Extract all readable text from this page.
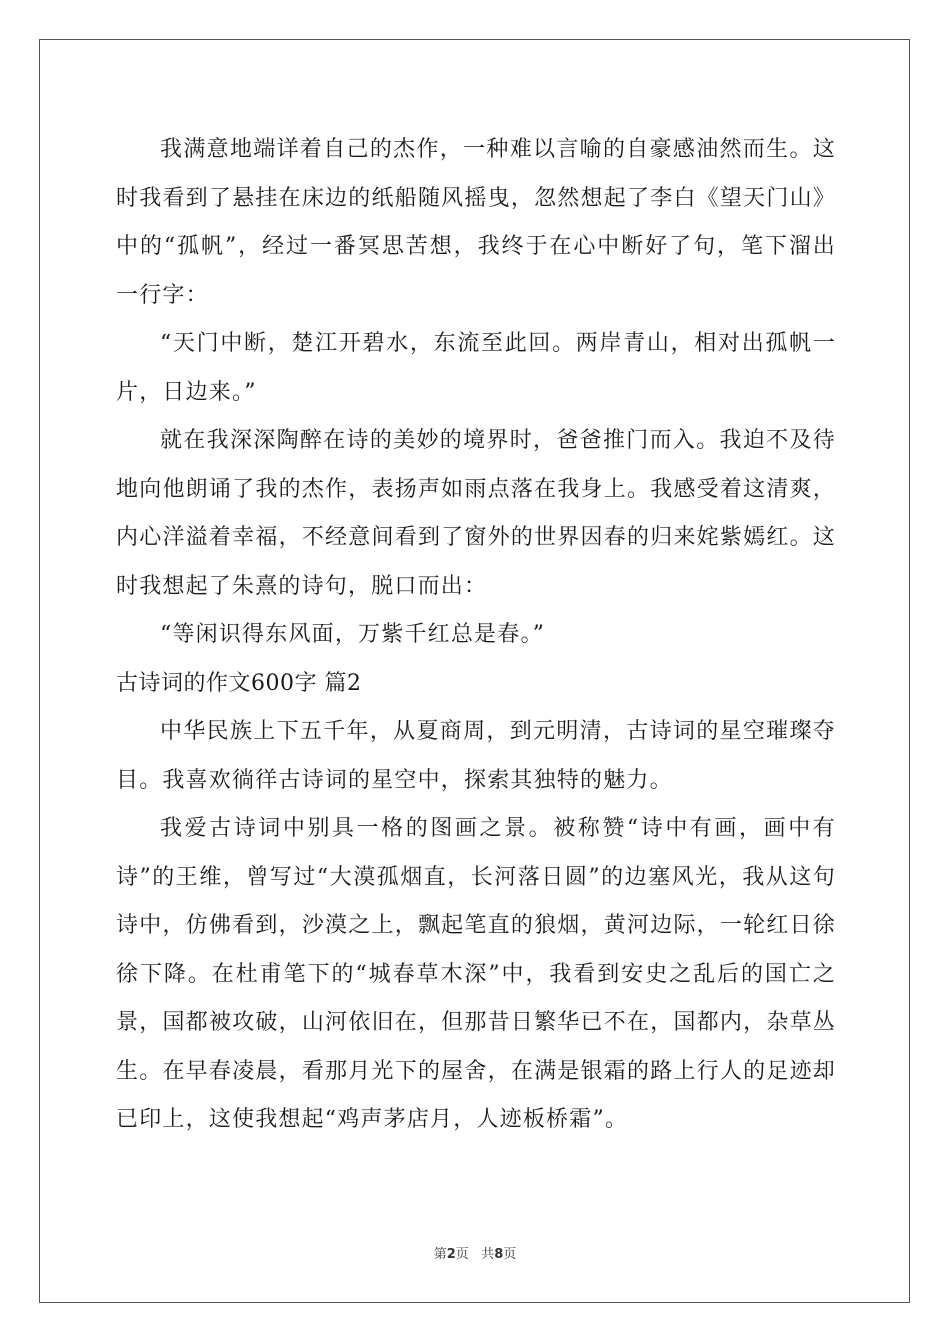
我满意地端详着自己的杰作，一种难以言喻的自豪感油然而生。这时我看到了悬挂在床边的纸船随风摇曳，忽然想起了李白《望天门山》中的“孤帆”，经过一番冥思苦想，我终于在心中断好了句，笔下溜出一行字：

“天门中断，楚江开碧水，东流至此回。两岸青山，相对出孤帆一片，日边来。”

就在我深深陶醉在诗的美妙的境界时，爸爸推门而入。我迫不及待地向他朗诵了我的杰作，表扬声如雨点落在我身上。我感受着这清爽，内心洋溢着幸福，不经意间看到了窗外的世界因春的归来姹紫嫣红。这时我想起了朱熹的诗句，脱口而出：

“等闲识得东风面，万紫千红总是春。”

古诗词的作文600字 篇2

中华民族上下五千年，从夏商周，到元明清，古诗词的星空璀璨夺目。我喜欢徜徉古诗词的星空中，探索其独特的魅力。

我爱古诗词中别具一格的图画之景。被称赞“诗中有画，画中有诗”的王维，曾写过“大漠孤烟直，长河落日圆”的边塞风光，我从这句诗中，仿佛看到，沙漠之上，飘起笔直的狼烟，黄河边际，一轮红日徐徐下降。在杜甫笔下的“城春草木深”中，我看到安史之乱后的国亡之景，国都被攻破，山河依旧在，但那昔日繁华已不在，国都内，杂草丛生。在早春凌晨，看那月光下的屋舍，在满是银霜的路上行人的足迹却已印上，这使我想起“鸡声茅店月，人迹板桥霜”。

第2页 共8页
